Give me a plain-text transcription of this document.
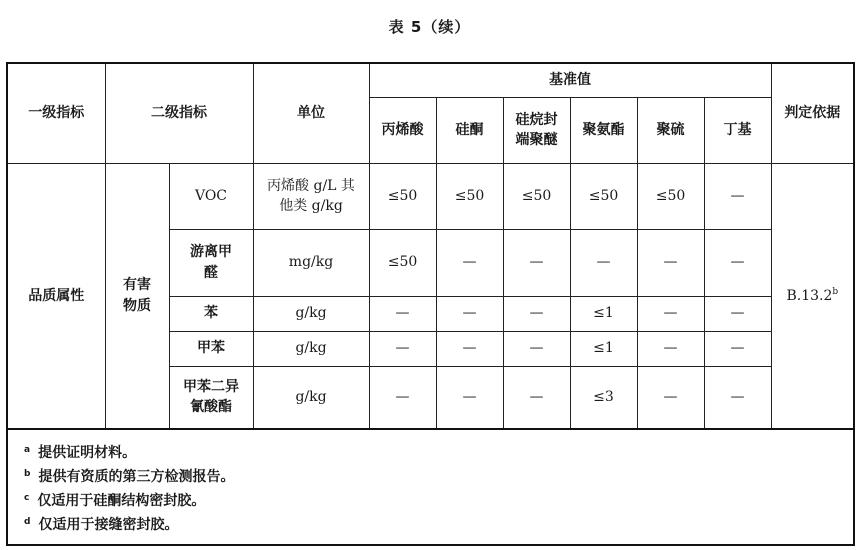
表 5（续）
一级指标	二级指标		单位	基准值						判定依据
				丙烯酸	硅酮	硅烷封端聚醚	聚氨酯	聚硫	丁基	
品质属性	有害物质	VOC	丙烯酸 g/L 其他类 g/kg	≤50	≤50	≤50	≤50	≤50	—	B.13.2$^b$
		游离甲醛	mg/kg	≤50	—	—	—	—	—	
		苯	g/kg	—	—	—	≤1	—	—	
		甲苯	g/kg	—	—	—	≤1	—	—	
		甲苯二异氰酸酯	g/kg	—	—	—	≤3	—	—	

$^a$ 提供证明材料。
$^b$ 提供有资质的第三方检测报告。
$^c$ 仅适用于硅酮结构密封胶。
$^d$ 仅适用于接缝密封胶。										
